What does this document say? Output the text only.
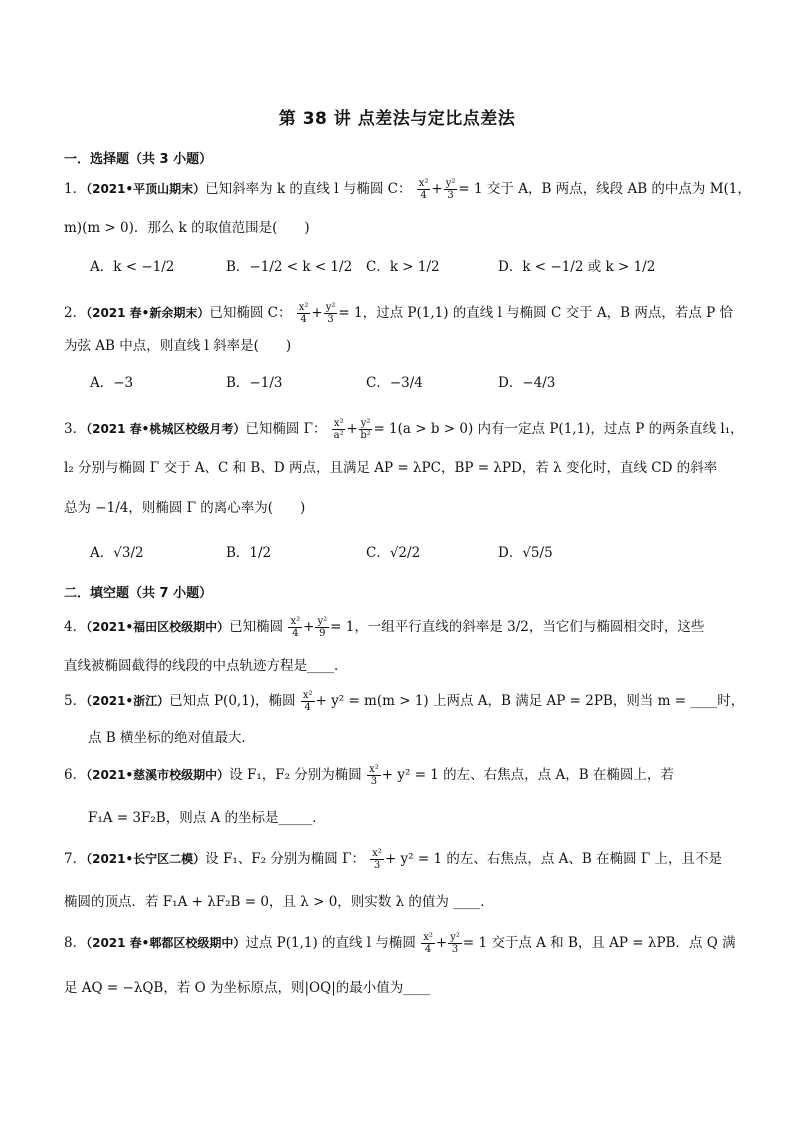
第 38 讲 点差法与定比点差法
一．选择题（共 3 小题）
1．（2021•平顶山期末）已知斜率为 k 的直线 l 与椭圆 C： $\frac{\text{x²}}{4} + \frac{\text{y²}}{3} = 1$ 交于 A，B 两点，线段 AB 的中点为 M(1，
m)(m > 0)．那么 k 的取值范围是(　　)
A．k < −1/2	B．−1/2 < k < 1/2 C．k > 1/2	D．k < −1/2 或 k > 1/2
2．（2021 春•新余期末）已知椭圆 C： $\frac{\text{x²}}{4} + \frac{\text{y²}}{3} = 1$，过点 P(1,1) 的直线 l 与椭圆 C 交于 A，B 两点，若点 P 恰
为弦 AB 中点，则直线 l 斜率是(　　)
A．−3	B．−1/3	C．−3/4	D．−4/3
3．（2021 春•桃城区校级月考）已知椭圆 Γ： $\frac{\text{x²}}{\text{a²}} + \frac{\text{y²}}{\text{b²}} = 1(a > b > 0)$ 内有一定点 P(1,1)，过点 P 的两条直线 l₁，
l₂ 分别与椭圆 Γ 交于 A、C 和 B、D 两点，且满足 AP = λPC，BP = λPD，若 λ 变化时，直线 CD 的斜率
总为 −1/4，则椭圆 Γ 的离心率为(　　)
A．√3/2	B．1/2	C．√2/2	D．√5/5
二．填空题（共 7 小题）
4．（2021•福田区校级期中）已知椭圆 $\frac{\text{x²}}{4} + \frac{\text{y²}}{9} = 1$，一组平行直线的斜率是 3/2，当它们与椭圆相交时，这些
直线被椭圆截得的线段的中点轨迹方程是____．
5．（2021•浙江）已知点 P(0,1)，椭圆 $\frac{\text{x²}}{4} + y^2 = m(m > 1)$ 上两点 A，B 满足 AP = 2PB，则当 m = ____时，
点 B 横坐标的绝对值最大．
6．（2021•慈溪市校级期中）设 F₁，F₂ 分别为椭圆 $\frac{\text{x²}}{3} + y^2 = 1$ 的左、右焦点，点 A，B 在椭圆上，若
F₁A = 3F₂B，则点 A 的坐标是_____．
7．（2021•长宁区二模）设 F₁、F₂ 分别为椭圆 Γ： $\frac{\text{x²}}{3} + y^2 = 1$ 的左、右焦点，点 A、B 在椭圆 Γ 上，且不是
椭圆的顶点．若 F₁A + λF₂B = 0，且 λ > 0，则实数 λ 的值为 ____．
8．（2021 春•郫都区校级期中）过点 P(1,1) 的直线 l 与椭圆 $\frac{\text{x²}}{4} + \frac{\text{y²}}{3} = 1$ 交于点 A 和 B，且 AP = λPB．点 Q 满
足 AQ = −λQB，若 O 为坐标原点，则|OQ|的最小值为____
